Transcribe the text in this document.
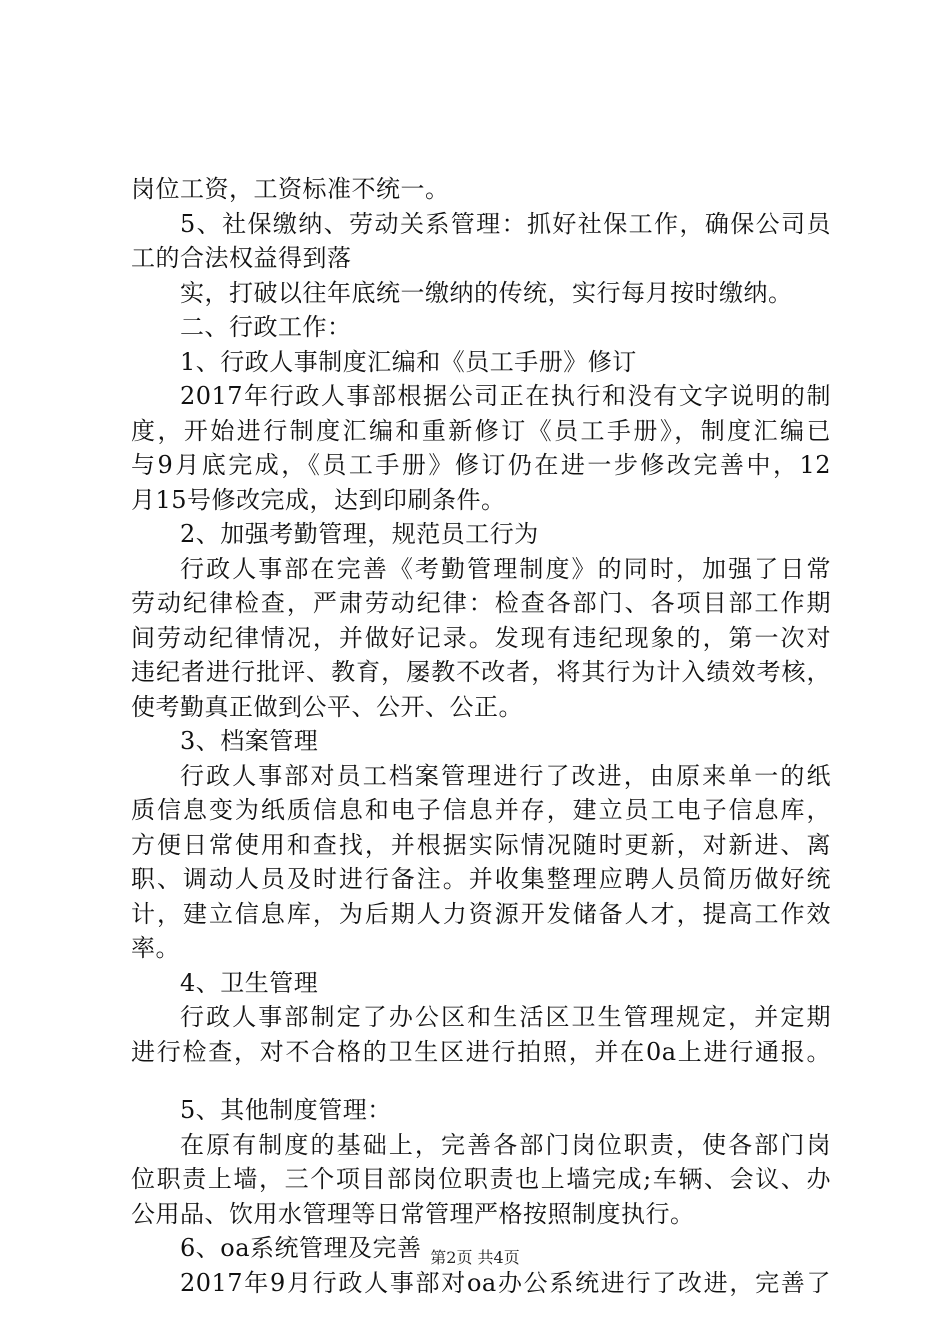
岗位工资，工资标准不统一。
5、社保缴纳、劳动关系管理：抓好社保工作，确保公司员
工的合法权益得到落
实，打破以往年底统一缴纳的传统，实行每月按时缴纳。
二、行政工作：
1、行政人事制度汇编和《员工手册》修订
2017年行政人事部根据公司正在执行和没有文字说明的制
度，开始进行制度汇编和重新修订《员工手册》，制度汇编已
与9月底完成，《员工手册》修订仍在进一步修改完善中，12
月15号修改完成，达到印刷条件。
2、加强考勤管理，规范员工行为
行政人事部在完善《考勤管理制度》的同时，加强了日常
劳动纪律检查，严肃劳动纪律：检查各部门、各项目部工作期
间劳动纪律情况，并做好记录。发现有违纪现象的，第一次对
违纪者进行批评、教育，屡教不改者，将其行为计入绩效考核，
使考勤真正做到公平、公开、公正。
3、档案管理
行政人事部对员工档案管理进行了改进，由原来单一的纸
质信息变为纸质信息和电子信息并存，建立员工电子信息库，
方便日常使用和查找，并根据实际情况随时更新，对新进、离
职、调动人员及时进行备注。并收集整理应聘人员简历做好统
计，建立信息库，为后期人力资源开发储备人才，提高工作效
率。
4、卫生管理
行政人事部制定了办公区和生活区卫生管理规定，并定期
进行检查，对不合格的卫生区进行拍照，并在0a上进行通报。
5、其他制度管理：
在原有制度的基础上，完善各部门岗位职责，使各部门岗
位职责上墙，三个项目部岗位职责也上墙完成;车辆、会议、办
公用品、饮用水管理等日常管理严格按照制度执行。
6、oa系统管理及完善
2017年9月行政人事部对oa办公系统进行了改进，完善了
第2页 共4页
